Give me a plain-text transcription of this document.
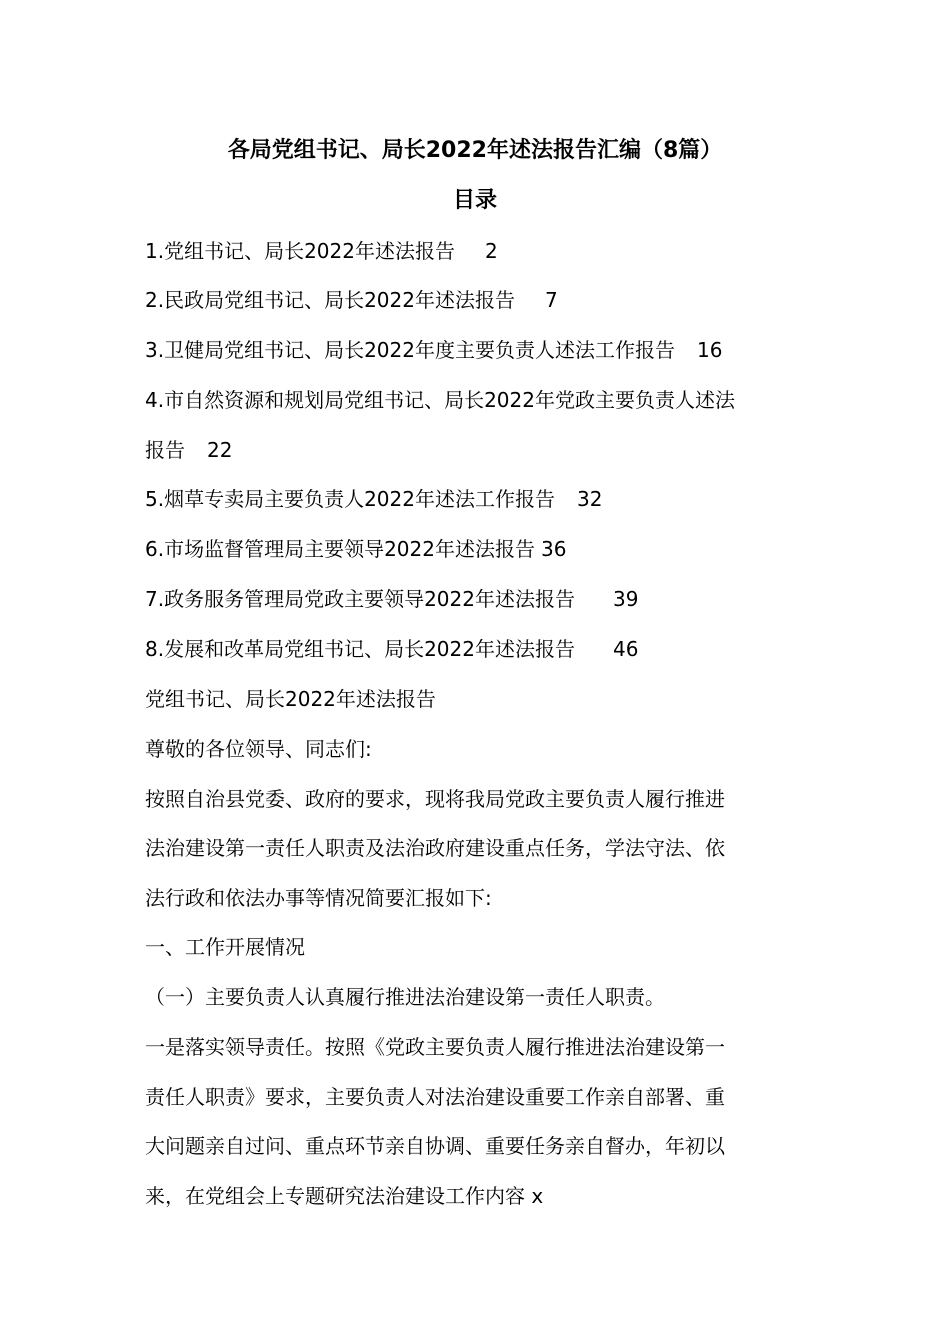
各局党组书记、局长2022年述法报告汇编（8篇）
目录
1.党组书记、局长2022年述法报告 2
2.民政局党组书记、局长2022年述法报告 7
3.卫健局党组书记、局长2022年度主要负责人述法工作报告 16
4.市自然资源和规划局党组书记、局长2022年党政主要负责人述法
报告 22
5.烟草专卖局主要负责人2022年述法工作报告 32
6.市场监督管理局主要领导2022年述法报告 36
7.政务服务管理局党政主要领导2022年述法报告 39
8.发展和改革局党组书记、局长2022年述法报告 46
党组书记、局长2022年述法报告
尊敬的各位领导、同志们:
按照自治县党委、政府的要求，现将我局党政主要负责人履行推进
法治建设第一责任人职责及法治政府建设重点任务，学法守法、依
法行政和依法办事等情况简要汇报如下:
一、工作开展情况
（一）主要负责人认真履行推进法治建设第一责任人职责。
一是落实领导责任。按照《党政主要负责人履行推进法治建设第一
责任人职责》要求，主要负责人对法治建设重要工作亲自部署、重
大问题亲自过问、重点环节亲自协调、重要任务亲自督办，年初以
来，在党组会上专题研究法治建设工作内容 x
